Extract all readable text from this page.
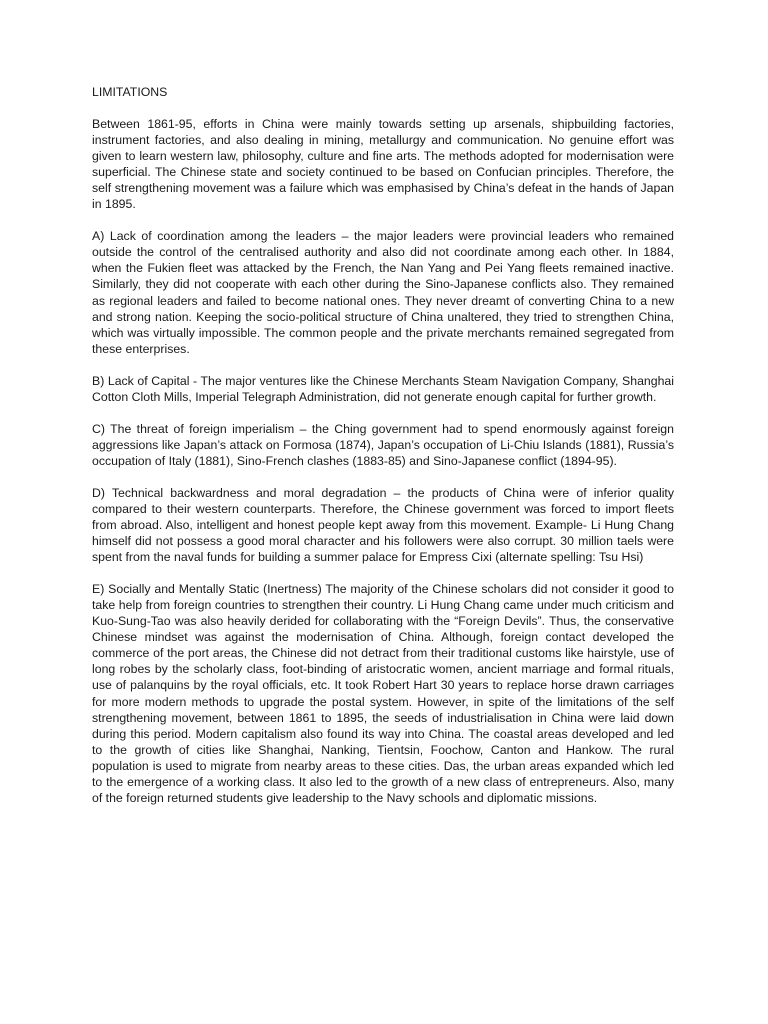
LIMITATIONS

Between 1861-95, efforts in China were mainly towards setting up arsenals, shipbuilding factories, instrument factories, and also dealing in mining, metallurgy and communication. No genuine effort was given to learn western law, philosophy, culture and fine arts. The methods adopted for modernisation were superficial. The Chinese state and society continued to be based on Confucian principles. Therefore, the self strengthening movement was a failure which was emphasised by China’s defeat in the hands of Japan in 1895.

A) Lack of coordination among the leaders – the major leaders were provincial leaders who remained outside the control of the centralised authority and also did not coordinate among each other. In 1884, when the Fukien fleet was attacked by the French, the Nan Yang and Pei Yang fleets remained inactive. Similarly, they did not cooperate with each other during the Sino-Japanese conflicts also. They remained as regional leaders and failed to become national ones. They never dreamt of converting China to a new and strong nation. Keeping the socio-political structure of China unaltered, they tried to strengthen China, which was virtually impossible. The common people and the private merchants remained segregated from these enterprises.

B) Lack of Capital - The major ventures like the Chinese Merchants Steam Navigation Company, Shanghai Cotton Cloth Mills, Imperial Telegraph Administration, did not generate enough capital for further growth.

C) The threat of foreign imperialism – the Ching government had to spend enormously against foreign aggressions like Japan’s attack on Formosa (1874), Japan’s occupation of Li-Chiu Islands (1881), Russia’s occupation of Italy (1881), Sino-French clashes (1883-85) and Sino-Japanese conflict (1894-95).

D) Technical backwardness and moral degradation – the products of China were of inferior quality compared to their western counterparts. Therefore, the Chinese government was forced to import fleets from abroad. Also, intelligent and honest people kept away from this movement. Example- Li Hung Chang himself did not possess a good moral character and his followers were also corrupt. 30 million taels were spent from the naval funds for building a summer palace for Empress Cixi (alternate spelling: Tsu Hsi)

E) Socially and Mentally Static (Inertness) The majority of the Chinese scholars did not consider it good to take help from foreign countries to strengthen their country. Li Hung Chang came under much criticism and Kuo-Sung-Tao was also heavily derided for collaborating with the “Foreign Devils”. Thus, the conservative Chinese mindset was against the modernisation of China. Although, foreign contact developed the commerce of the port areas, the Chinese did not detract from their traditional customs like hairstyle, use of long robes by the scholarly class, foot-binding of aristocratic women, ancient marriage and formal rituals, use of palanquins by the royal officials, etc. It took Robert Hart 30 years to replace horse drawn carriages for more modern methods to upgrade the postal system. However, in spite of the limitations of the self strengthening movement, between 1861 to 1895, the seeds of industrialisation in China were laid down during this period. Modern capitalism also found its way into China. The coastal areas developed and led to the growth of cities like Shanghai, Nanking, Tientsin, Foochow, Canton and Hankow. The rural population is used to migrate from nearby areas to these cities. Das, the urban areas expanded which led to the emergence of a working class. It also led to the growth of a new class of entrepreneurs. Also, many of the foreign returned students give leadership to the Navy schools and diplomatic missions.
